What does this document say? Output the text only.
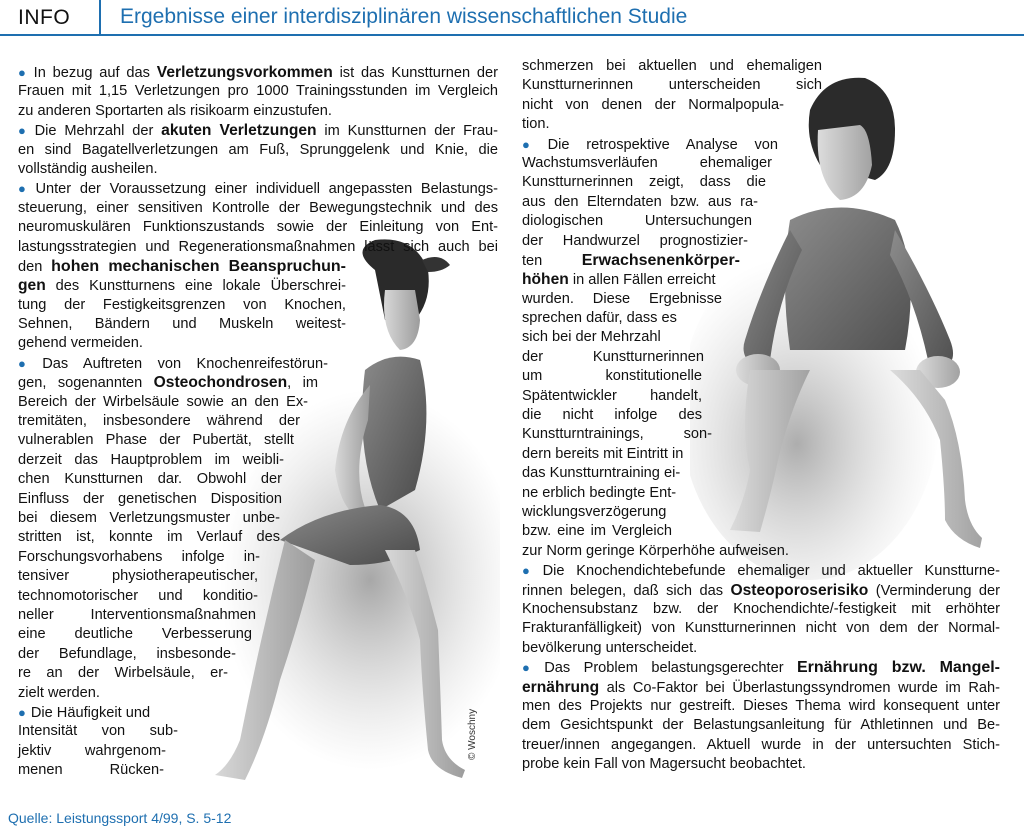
INFO Ergebnisse einer interdisziplinären wissenschaftlichen Studie
● In bezug auf das Verletzungsvorkommen ist das Kunstturnen der
Frauen mit 1,15 Verletzungen pro 1000 Trainingsstunden im Vergleich
zu anderen Sportarten als risikoarm einzustufen.
● Die Mehrzahl der akuten Verletzungen im Kunstturnen der Frau-
en sind Bagatellverletzungen am Fuß, Sprunggelenk und Knie, die
vollständig ausheilen.
● Unter der Voraussetzung einer individuell angepassten Belastungs-
steuerung, einer sensitiven Kontrolle der Bewegungstechnik und des
neuromuskulären Funktionszustands sowie der Einleitung von Ent-
lastungsstrategien und Regenerationsmaßnahmen lässt sich auch bei
den hohen mechanischen Beanspruchun-
gen des Kunstturnens eine lokale Überschrei-
tung der Festigkeitsgrenzen von Knochen,
Sehnen, Bändern und Muskeln weitest-
gehend vermeiden.
● Das Auftreten von Knochenreifestörun-
gen, sogenannten Osteochondrosen, im
Bereich der Wirbelsäule sowie an den Ex-
tremitäten, insbesondere während der
vulnerablen Phase der Pubertät, stellt
derzeit das Hauptproblem im weibli-
chen Kunstturnen dar. Obwohl der
Einfluss der genetischen Disposition
bei diesem Verletzungsmuster unbe-
stritten ist, konnte im Verlauf des
Forschungsvorhabens infolge in-
tensiver physiotherapeutischer,
technomotorischer und konditio-
neller Interventionsmaßnahmen
eine deutliche Verbesserung
der Befundlage, insbesonde-
re an der Wirbelsäule, er-
zielt werden.
● Die Häufigkeit und
Intensität von sub-
jektiv wahrgenom-
menen Rücken-
schmerzen bei aktuellen und ehemaligen
Kunstturnerinnen unterscheiden sich
nicht von denen der Normalpopula-
tion.
● Die retrospektive Analyse von
Wachstumsverläufen ehemaliger
Kunstturnerinnen zeigt, dass die
aus den Elterndaten bzw. aus ra-
diologischen Untersuchungen
der Handwurzel prognostizier-
ten Erwachsenenkörper-
höhen in allen Fällen erreicht
wurden. Diese Ergebnisse
sprechen dafür, dass es
sich bei der Mehrzahl
der Kunstturnerinnen
um konstitutionelle
Spätentwickler handelt,
die nicht infolge des
Kunstturntrainings, son-
dern bereits mit Eintritt in
das Kunstturntraining ei-
ne erblich bedingte Ent-
wicklungsverzögerung
bzw. eine im Vergleich
zur Norm geringe Körperhöhe aufweisen.
● Die Knochendichtebefunde ehemaliger und aktueller Kunstturne-
rinnen belegen, daß sich das Osteoporoserisiko (Verminderung der
Knochensubstanz bzw. der Knochendichte/-festigkeit mit erhöhter
Frakturanfälligkeit) von Kunstturnerinnen nicht von dem der Normal-
bevölkerung unterscheidet.
● Das Problem belastungsgerechter Ernährung bzw. Mangel-
ernährung als Co-Faktor bei Überlastungssyndromen wurde im Rah-
men des Projekts nur gestreift. Dieses Thema wird konsequent unter
dem Gesichtspunkt der Belastungsanleitung für Athletinnen und Be-
treuer/innen angegangen. Aktuell wurde in der untersuchten Stich-
probe kein Fall von Magersucht beobachtet.
© Woschny
Quelle: Leistungssport 4/99, S. 5-12
